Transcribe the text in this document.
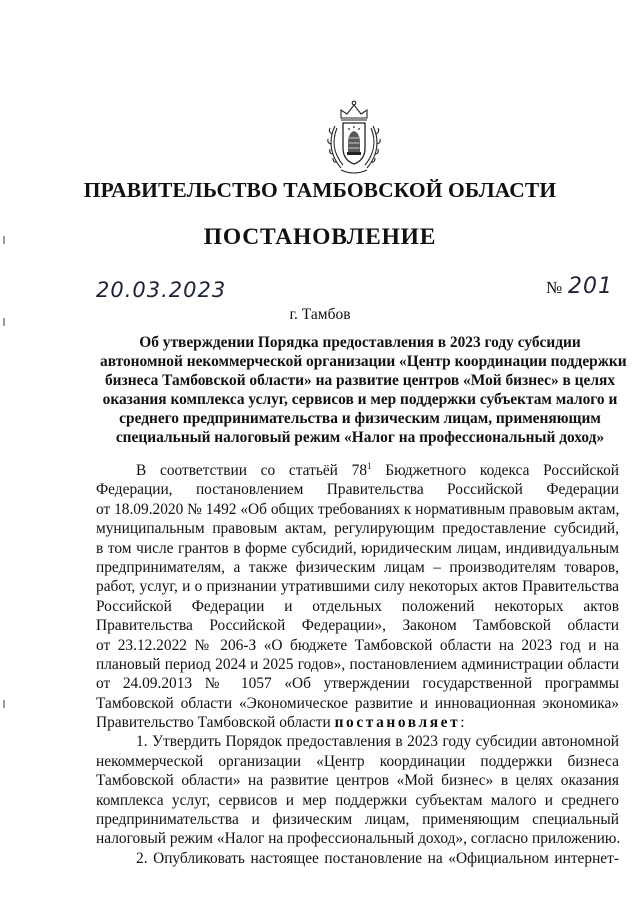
ПРАВИТЕЛЬСТВО ТАМБОВСКОЙ ОБЛАСТИ
ПОСТАНОВЛЕНИЕ
20.03.2023	№ 201
г. Тамбов
Об утверждении Порядка предоставления в 2023 году субсидии
автономной некоммерческой организации «Центр координации поддержки
бизнеса Тамбовской области» на развитие центров «Мой бизнес» в целях
оказания комплекса услуг, сервисов и мер поддержки субъектам малого и
среднего предпринимательства и физическим лицам, применяющим
специальный налоговый режим «Налог на профессиональный доход»
В соответствии со статьёй $78^1$ Бюджетного кодекса Российской
Федерации, постановлением Правительства Российской Федерации
от 18.09.2020 № 1492 «Об общих требованиях к нормативным правовым актам,
муниципальным правовым актам, регулирующим предоставление субсидий,
в том числе грантов в форме субсидий, юридическим лицам, индивидуальным
предпринимателям, а также физическим лицам – производителям товаров,
работ, услуг, и о признании утратившими силу некоторых актов Правительства
Российской Федерации и отдельных положений некоторых актов
Правительства Российской Федерации», Законом Тамбовской области
от 23.12.2022 № 206-З «О бюджете Тамбовской области на 2023 год и на
плановый период 2024 и 2025 годов», постановлением администрации области
от 24.09.2013 № 1057 «Об утверждении государственной программы
Тамбовской области «Экономическое развитие и инновационная экономика»
Правительство Тамбовской области постановляет:
1. Утвердить Порядок предоставления в 2023 году субсидии автономной
некоммерческой организации «Центр координации поддержки бизнеса
Тамбовской области» на развитие центров «Мой бизнес» в целях оказания
комплекса услуг, сервисов и мер поддержки субъектам малого и среднего
предпринимательства и физическим лицам, применяющим специальный
налоговый режим «Налог на профессиональный доход», согласно приложению.
2. Опубликовать настоящее постановление на «Официальном интернет-
